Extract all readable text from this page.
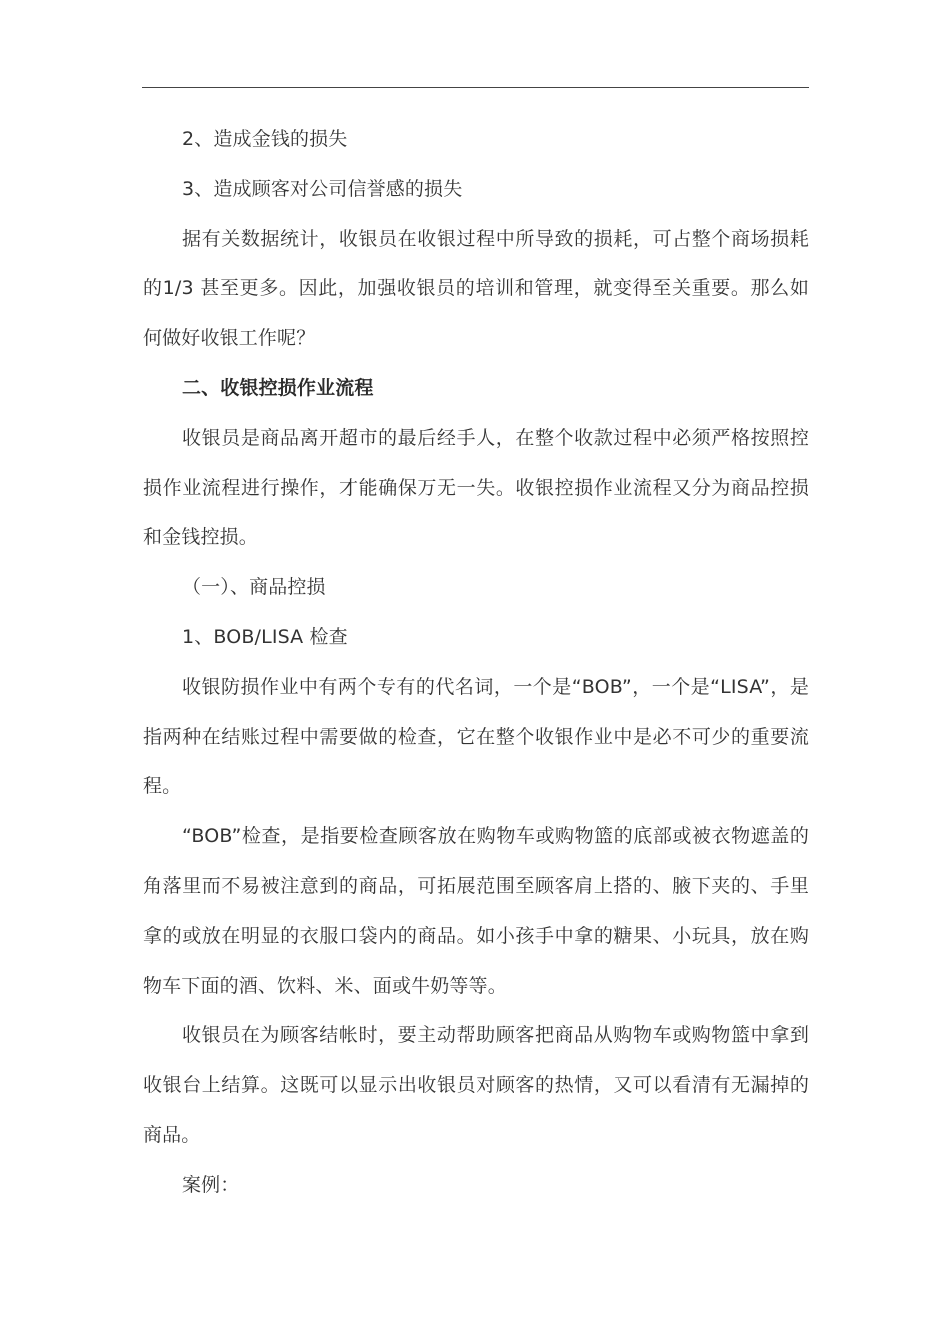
2、造成金钱的损失

3、造成顾客对公司信誉感的损失

据有关数据统计，收银员在收银过程中所导致的损耗，可占整个商场损耗的1/3 甚至更多。因此，加强收银员的培训和管理，就变得至关重要。那么如何做好收银工作呢？

二、收银控损作业流程

收银员是商品离开超市的最后经手人，在整个收款过程中必须严格按照控损作业流程进行操作，才能确保万无一失。收银控损作业流程又分为商品控损和金钱控损。

（一）、商品控损

1、BOB/LISA 检查

收银防损作业中有两个专有的代名词，一个是“BOB”，一个是“LISA”，是指两种在结账过程中需要做的检查，它在整个收银作业中是必不可少的重要流程。

“BOB”检查，是指要检查顾客放在购物车或购物篮的底部或被衣物遮盖的角落里而不易被注意到的商品，可拓展范围至顾客肩上搭的、腋下夹的、手里拿的或放在明显的衣服口袋内的商品。如小孩手中拿的糖果、小玩具，放在购物车下面的酒、饮料、米、面或牛奶等等。

收银员在为顾客结帐时，要主动帮助顾客把商品从购物车或购物篮中拿到收银台上结算。这既可以显示出收银员对顾客的热情，又可以看清有无漏掉的商品。

案例：
